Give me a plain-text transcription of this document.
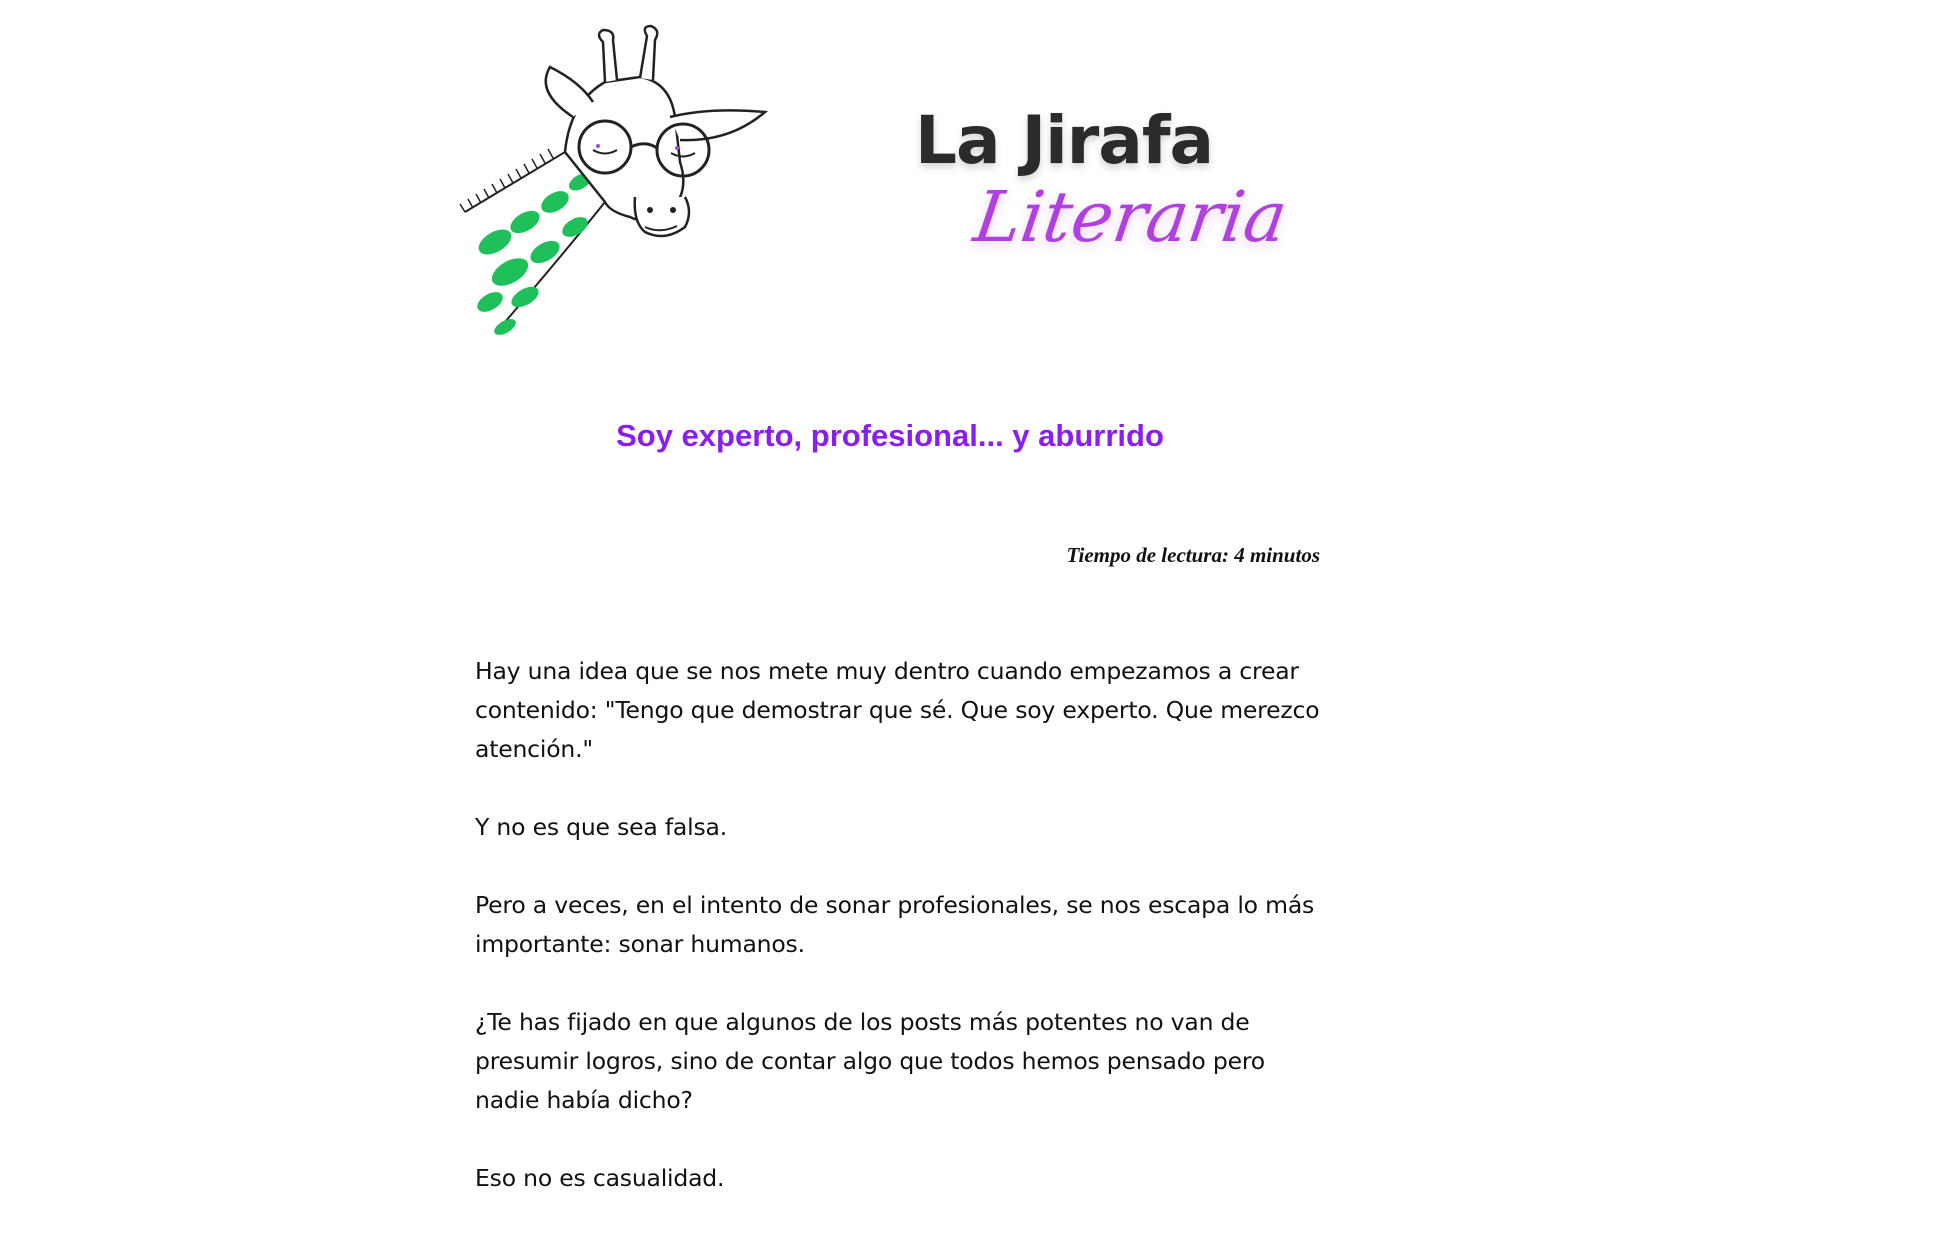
La Jirafa
Literaria
Soy experto, profesional... y aburrido
Tiempo de lectura: 4 minutos

Hay una idea que se nos mete muy dentro cuando empezamos a crear contenido: "Tengo que demostrar que sé. Que soy experto. Que merezco atención."

Y no es que sea falsa.

Pero a veces, en el intento de sonar profesionales, se nos escapa lo más importante: sonar humanos.

¿Te has fijado en que algunos de los posts más potentes no van de presumir logros, sino de contar algo que todos hemos pensado pero nadie había dicho?

Eso no es casualidad.
